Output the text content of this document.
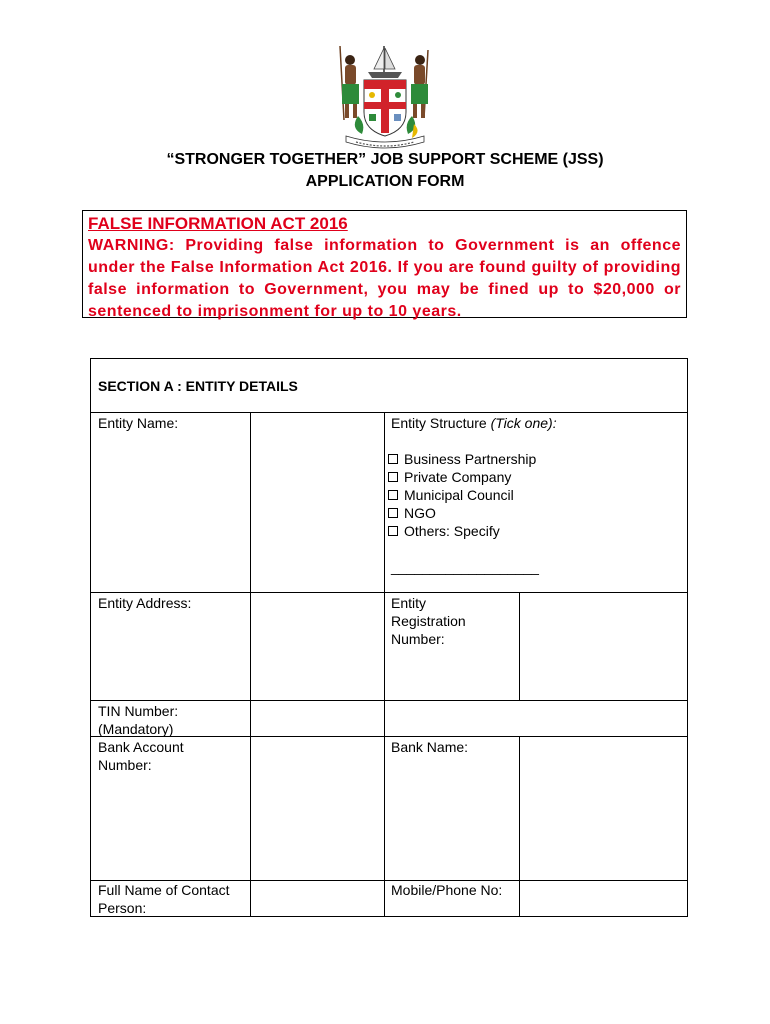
“STRONGER TOGETHER” JOB SUPPORT SCHEME (JSS)
APPLICATION FORM
FALSE INFORMATION ACT 2016
WARNING: Providing false information to Government is an offence under the False Information Act 2016. If you are found guilty of providing false information to Government, you may be fined up to $20,000 or sentenced to imprisonment for up to 10 years.
SECTION A : ENTITY DETAILS
Entity Name:	Entity Structure (Tick one):
Business Partnership
Private Company
Municipal Council
NGO
Others: Specify
___________________
Entity Address:	Entity
Registration
Number:
TIN Number:
(Mandatory)
Bank Account
Number:
Bank Name:
Full Name of Contact
Person:
Mobile/Phone No:
